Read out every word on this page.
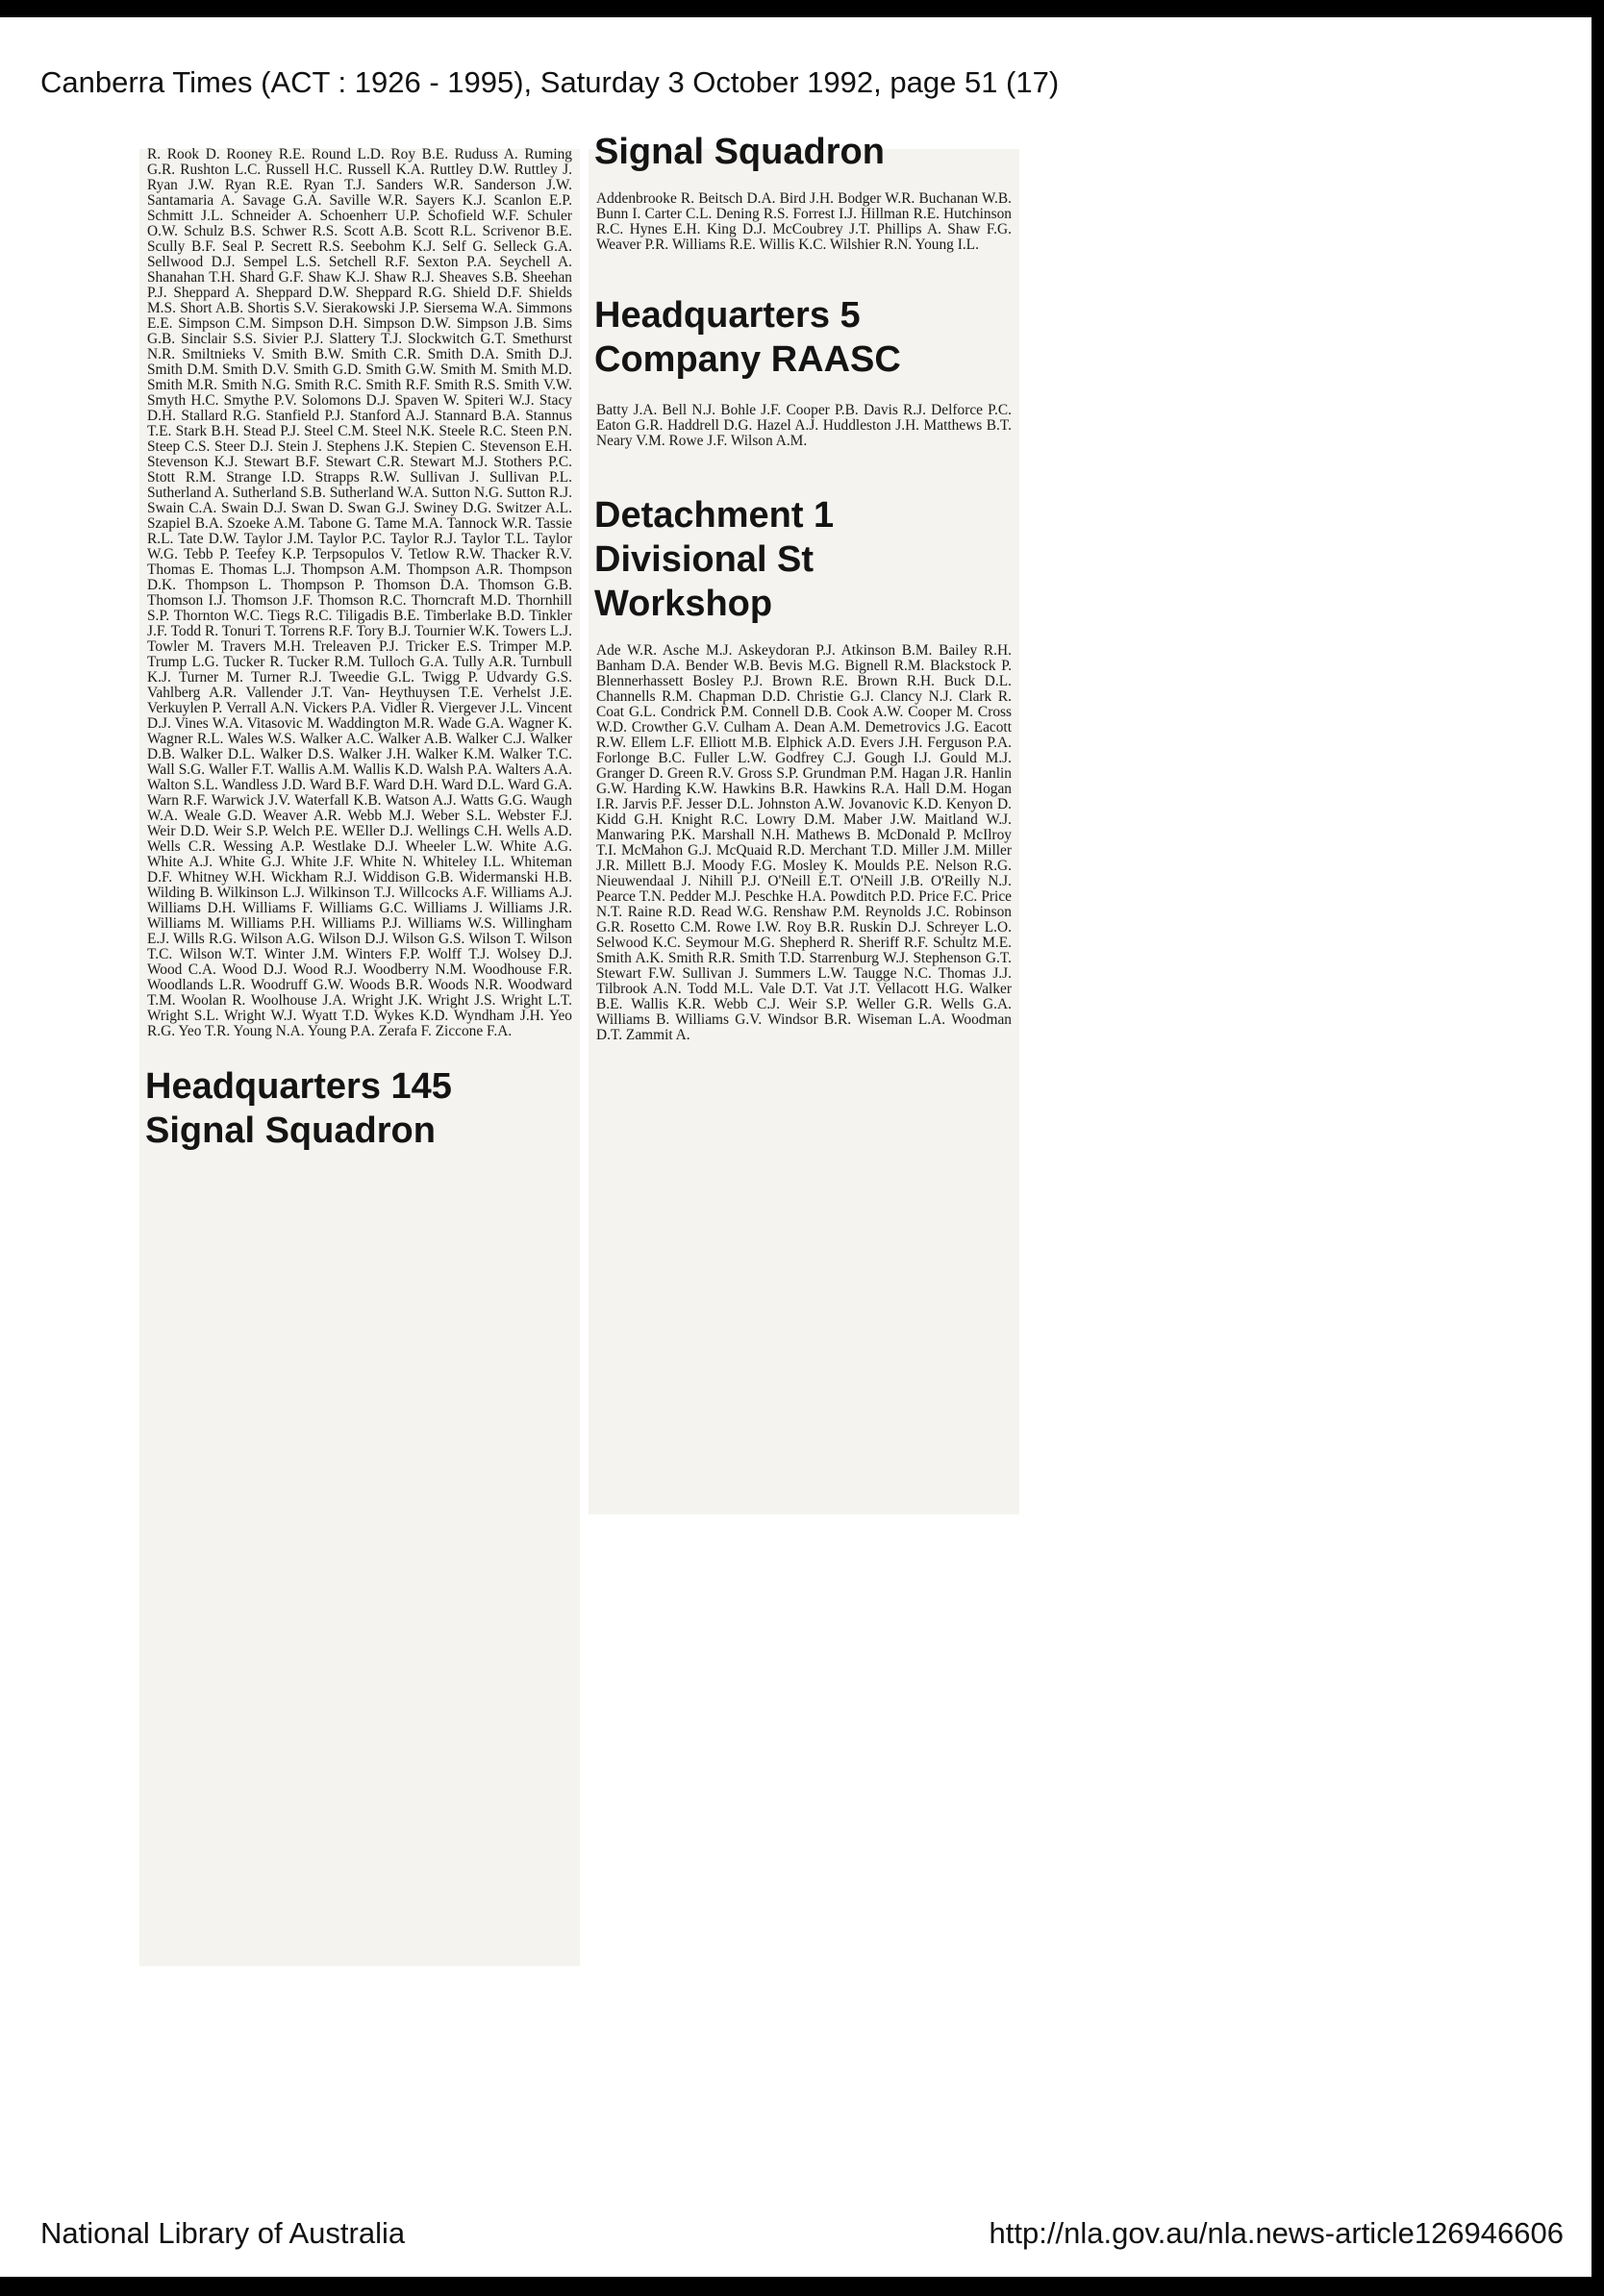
Canberra Times (ACT : 1926 - 1995), Saturday 3 October 1992, page 51 (17)

R. Rook D. Rooney R.E. Round L.D. Roy B.E. Ruduss A. Ruming G.R. Rushton L.C. Russell H.C. Russell K.A. Ruttley D.W. Ruttley J. Ryan J.W. Ryan R.E. Ryan T.J. Sanders W.R. Sanderson J.W. Santamaria A. Savage G.A. Saville W.R. Sayers K.J. Scanlon E.P. Schmitt J.L. Schneider A. Schoenherr U.P. Schofield W.F. Schuler O.W. Schulz B.S. Schwer R.S. Scott A.B. Scott R.L. Scrivenor B.E. Scully B.F. Seal P. Secrett R.S. Seebohm K.J. Self G. Selleck G.A. Sellwood D.J. Sempel L.S. Setchell R.F. Sexton P.A. Seychell A. Shanahan T.H. Shard G.F. Shaw K.J. Shaw R.J. Sheaves S.B. Sheehan P.J. Sheppard A. Sheppard D.W. Sheppard R.G. Shield D.F. Shields M.S. Short A.B. Shortis S.V. Sierakowski J.P. Siersema W.A. Simmons E.E. Simpson C.M. Simpson D.H. Simpson D.W. Simpson J.B. Sims G.B. Sinclair S.S. Sivier P.J. Slattery T.J. Slockwitch G.T. Smethurst N.R. Smiltnieks V. Smith B.W. Smith C.R. Smith D.A. Smith D.J. Smith D.M. Smith D.V. Smith G.D. Smith G.W. Smith M. Smith M.D. Smith M.R. Smith N.G. Smith R.C. Smith R.F. Smith R.S. Smith V.W. Smyth H.C. Smythe P.V. Solomons D.J. Spaven W. Spiteri W.J. Stacy D.H. Stallard R.G. Stanfield P.J. Stanford A.J. Stannard B.A. Stannus T.E. Stark B.H. Stead P.J. Steel C.M. Steel N.K. Steele R.C. Steen P.N. Steep C.S. Steer D.J. Stein J. Stephens J.K. Stepien C. Stevenson E.H. Stevenson K.J. Stewart B.F. Stewart C.R. Stewart M.J. Stothers P.C. Stott R.M. Strange I.D. Strapps R.W. Sullivan J. Sullivan P.L. Sutherland A. Sutherland S.B. Sutherland W.A. Sutton N.G. Sutton R.J. Swain C.A. Swain D.J. Swan D. Swan G.J. Swiney D.G. Switzer A.L. Szapiel B.A. Szoeke A.M. Tabone G. Tame M.A. Tannock W.R. Tassie R.L. Tate D.W. Taylor J.M. Taylor P.C. Taylor R.J. Taylor T.L. Taylor W.G. Tebb P. Teefey K.P. Terpsopulos V. Tetlow R.W. Thacker R.V. Thomas E. Thomas L.J. Thompson A.M. Thompson A.R. Thompson D.K. Thompson L. Thompson P. Thomson D.A. Thomson G.B. Thomson I.J. Thomson J.F. Thomson R.C. Thorncraft M.D. Thornhill S.P. Thornton W.C. Tiegs R.C. Tiligadis B.E. Timberlake B.D. Tinkler J.F. Todd R. Tonuri T. Torrens R.F. Tory B.J. Tournier W.K. Towers L.J. Towler M. Travers M.H. Treleaven P.J. Tricker E.S. Trimper M.P. Trump L.G. Tucker R. Tucker R.M. Tulloch G.A. Tully A.R. Turnbull K.J. Turner M. Turner R.J. Tweedie G.L. Twigg P. Udvardy G.S. Vahlberg A.R. Vallender J.T. Van- Heythuysen T.E. Verhelst J.E. Verkuylen P. Verrall A.N. Vickers P.A. Vidler R. Viergever J.L. Vincent D.J. Vines W.A. Vitasovic M. Waddington M.R. Wade G.A. Wagner K. Wagner R.L. Wales W.S. Walker A.C. Walker A.B. Walker C.J. Walker D.B. Walker D.L. Walker D.S. Walker J.H. Walker K.M. Walker T.C. Wall S.G. Waller F.T. Wallis A.M. Wallis K.D. Walsh P.A. Walters A.A. Walton S.L. Wandless J.D. Ward B.F. Ward D.H. Ward D.L. Ward G.A. Warn R.F. Warwick J.V. Waterfall K.B. Watson A.J. Watts G.G. Waugh W.A. Weale G.D. Weaver A.R. Webb M.J. Weber S.L. Webster F.J. Weir D.D. Weir S.P. Welch P.E. WEller D.J. Wellings C.H. Wells A.D. Wells C.R. Wessing A.P. Westlake D.J. Wheeler L.W. White A.G. White A.J. White G.J. White J.F. White N. Whiteley I.L. Whiteman D.F. Whitney W.H. Wickham R.J. Widdison G.B. Widermanski H.B. Wilding B. Wilkinson L.J. Wilkinson T.J. Willcocks A.F. Williams A.J. Williams D.H. Williams F. Williams G.C. Williams J. Williams J.R. Williams M. Williams P.H. Williams P.J. Williams W.S. Willingham E.J. Wills R.G. Wilson A.G. Wilson D.J. Wilson G.S. Wilson T. Wilson T.C. Wilson W.T. Winter J.M. Winters F.P. Wolff T.J. Wolsey D.J. Wood C.A. Wood D.J. Wood R.J. Woodberry N.M. Woodhouse F.R. Woodlands L.R. Woodruff G.W. Woods B.R. Woods N.R. Woodward T.M. Woolan R. Woolhouse J.A. Wright J.K. Wright J.S. Wright L.T. Wright S.L. Wright W.J. Wyatt T.D. Wykes K.D. Wyndham J.H. Yeo R.G. Yeo T.R. Young N.A. Young P.A. Zerafa F. Ziccone F.A.

Headquarters 145
Signal Squadron
Signal Squadron

Addenbrooke R. Beitsch D.A. Bird J.H. Bodger W.R. Buchanan W.B. Bunn I. Carter C.L. Dening R.S. Forrest I.J. Hillman R.E. Hutchinson R.C. Hynes E.H. King D.J. McCoubrey J.T. Phillips A. Shaw F.G. Weaver P.R. Williams R.E. Willis K.C. Wilshier R.N. Young I.L.

Headquarters 5
Company RAASC

Batty J.A. Bell N.J. Bohle J.F. Cooper P.B. Davis R.J. Delforce P.C. Eaton G.R. Haddrell D.G. Hazel A.J. Huddleston J.H. Matthews B.T. Neary V.M. Rowe J.F. Wilson A.M.

Detachment 1
Divisional St
Workshop

Ade W.R. Asche M.J. Askeydoran P.J. Atkinson B.M. Bailey R.H. Banham D.A. Bender W.B. Bevis M.G. Bignell R.M. Blackstock P. Blennerhassett Bosley P.J. Brown R.E. Brown R.H. Buck D.L. Channells R.M. Chapman D.D. Christie G.J. Clancy N.J. Clark R. Coat G.L. Condrick P.M. Connell D.B. Cook A.W. Cooper M. Cross W.D. Crowther G.V. Culham A. Dean A.M. Demetrovics J.G. Eacott R.W. Ellem L.F. Elliott M.B. Elphick A.D. Evers J.H. Ferguson P.A. Forlonge B.C. Fuller L.W. Godfrey C.J. Gough I.J. Gould M.J. Granger D. Green R.V. Gross S.P. Grundman P.M. Hagan J.R. Hanlin G.W. Harding K.W. Hawkins B.R. Hawkins R.A. Hall D.M. Hogan I.R. Jarvis P.F. Jesser D.L. Johnston A.W. Jovanovic K.D. Kenyon D. Kidd G.H. Knight R.C. Lowry D.M. Maber J.W. Maitland W.J. Manwaring P.K. Marshall N.H. Mathews B. McDonald P. McIlroy T.I. McMahon G.J. McQuaid R.D. Merchant T.D. Miller J.M. Miller J.R. Millett B.J. Moody F.G. Mosley K. Moulds P.E. Nelson R.G. Nieuwendaal J. Nihill P.J. O'Neill E.T. O'Neill J.B. O'Reilly N.J. Pearce T.N. Pedder M.J. Peschke H.A. Powditch P.D. Price F.C. Price N.T. Raine R.D. Read W.G. Renshaw P.M. Reynolds J.C. Robinson G.R. Rosetto C.M. Rowe I.W. Roy B.R. Ruskin D.J. Schreyer L.O. Selwood K.C. Seymour M.G. Shepherd R. Sheriff R.F. Schultz M.E. Smith A.K. Smith R.R. Smith T.D. Starrenburg W.J. Stephenson G.T. Stewart F.W. Sullivan J. Summers L.W. Taugge N.C. Thomas J.J. Tilbrook A.N. Todd M.L. Vale D.T. Vat J.T. Vellacott H.G. Walker B.E. Wallis K.R. Webb C.J. Weir S.P. Weller G.R. Wells G.A. Williams B. Williams G.V. Windsor B.R. Wiseman L.A. Woodman D.T. Zammit A.

National Library of Australia	http://nla.gov.au/nla.news-article126946606
